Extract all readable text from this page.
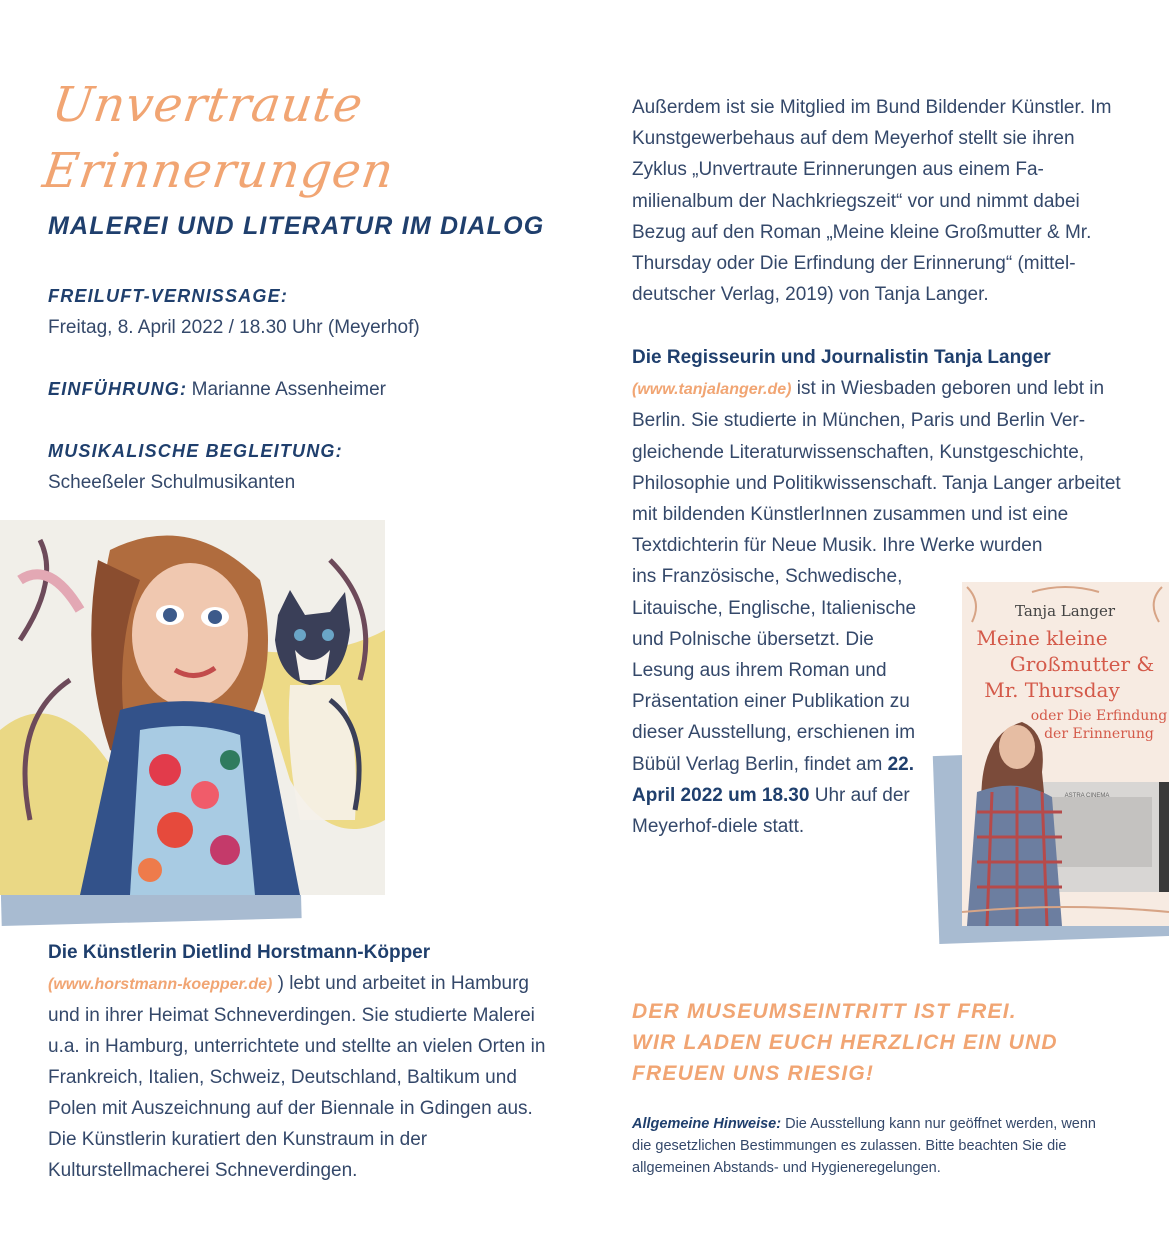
Unvertraute
Erinnerungen
MALEREI UND LITERATUR IM DIALOG
FREILUFT-VERNISSAGE:
Freitag, 8. April 2022 / 18.30 Uhr (Meyerhof)
EINFÜHRUNG: Marianne Assenheimer
MUSIKALISCHE BEGLEITUNG:
Scheeßeler Schulmusikanten
Die Künstlerin Dietlind Horstmann-Köpper
(www.horstmann-koepper.de) ) lebt und arbeitet in Hamburg und in ihrer Heimat Schneverdingen. Sie studierte Malerei u.a. in Hamburg, unterrichtete und stellte an vielen Orten in Frankreich, Italien, Schweiz, Deutschland, Baltikum und Polen mit Auszeichnung auf der Biennale in Gdingen aus. Die Künstlerin kuratiert den Kunstraum in der Kulturstellmacherei Schneverdingen.
Außerdem ist sie Mitglied im Bund Bildender Künstler. Im Kunstgewerbehaus auf dem Meyerhof stellt sie ihren Zyklus „Unvertraute Erinnerungen aus einem Familienalbum der Nachkriegszeit“ vor und nimmt dabei Bezug auf den Roman „Meine kleine Großmutter & Mr. Thursday oder Die Erfindung der Erinnerung“ (mitteldeutscher Verlag, 2019) von Tanja Langer.
Die Regisseurin und Journalistin Tanja Langer
(www.tanjalanger.de) ist in Wiesbaden geboren und lebt in Berlin. Sie studierte in München, Paris und Berlin Vergleichende Literaturwissenschaften, Kunstgeschichte, Philosophie und Politikwissenschaft. Tanja Langer arbeitet mit bildenden KünstlerInnen zusammen und ist eine Textdichterin für Neue Musik. Ihre Werke wurden
ins Französische, Schwedische, Litauische, Englische, Italienische und Polnische übersetzt. Die Lesung aus ihrem Roman und Präsentation einer Publikation zu dieser Ausstellung, erschienen im Bübül Verlag Berlin, findet am 22. April 2022 um 18.30 Uhr auf der Meyerhof-diele statt.
Tanja Langer
Meine kleine
Großmutter &
Mr. Thursday
oder Die Erfindung
der Erinnerung
ASTRA CINEMA
DER MUSEUMSEINTRITT IST FREI.
WIR LADEN EUCH HERZLICH EIN UND
FREUEN UNS RIESIG!
Allgemeine Hinweise: Die Ausstellung kann nur geöffnet werden, wenn die gesetzlichen Bestimmungen es zulassen. Bitte beachten Sie die allgemeinen Abstands- und Hygieneregelungen.
